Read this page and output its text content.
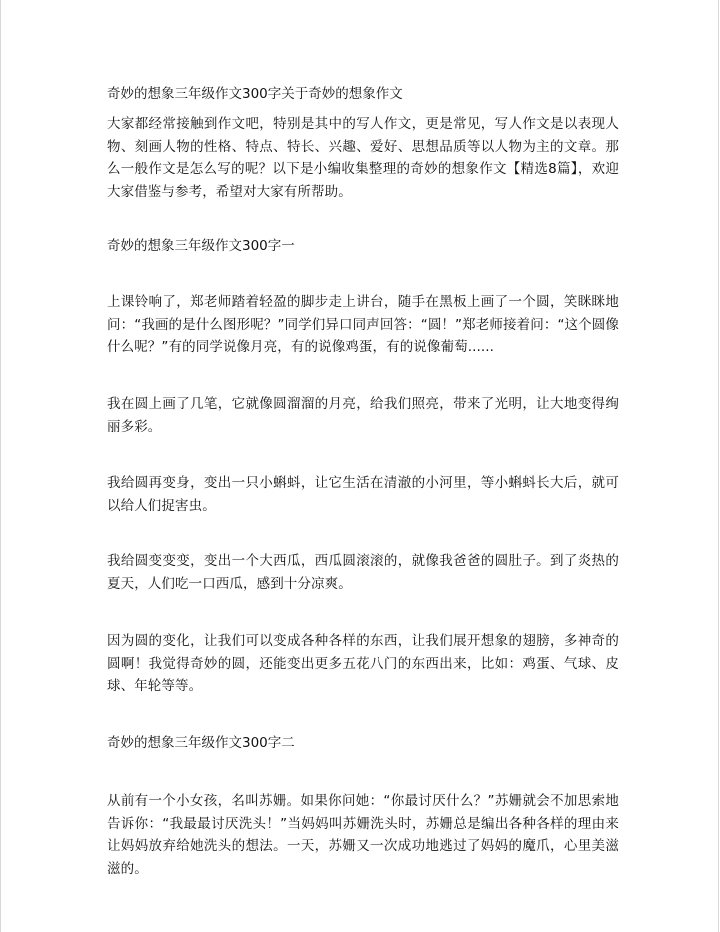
奇妙的想象三年级作文300字关于奇妙的想象作文
大家都经常接触到作文吧，特别是其中的写人作文，更是常见，写人作文是以表现人物、刻画人物的性格、特点、特长、兴趣、爱好、思想品质等以人物为主的文章。那么一般作文是怎么写的呢？以下是小编收集整理的奇妙的想象作文【精选8篇】，欢迎大家借鉴与参考，希望对大家有所帮助。
奇妙的想象三年级作文300字一
上课铃响了，郑老师踏着轻盈的脚步走上讲台，随手在黑板上画了一个圆，笑眯眯地问：“我画的是什么图形呢？”同学们异口同声回答：“圆！”郑老师接着问：“这个圆像什么呢？”有的同学说像月亮，有的说像鸡蛋，有的说像葡萄......
我在圆上画了几笔，它就像圆溜溜的月亮，给我们照亮，带来了光明，让大地变得绚丽多彩。
我给圆再变身，变出一只小蝌蚪，让它生活在清澈的小河里，等小蝌蚪长大后，就可以给人们捉害虫。
我给圆变变变，变出一个大西瓜，西瓜圆滚滚的，就像我爸爸的圆肚子。到了炎热的夏天，人们吃一口西瓜，感到十分凉爽。
因为圆的变化，让我们可以变成各种各样的东西，让我们展开想象的翅膀，多神奇的圆啊！我觉得奇妙的圆，还能变出更多五花八门的东西出来，比如：鸡蛋、气球、皮球、年轮等等。
奇妙的想象三年级作文300字二
从前有一个小女孩，名叫苏姗。如果你问她：“你最讨厌什么？”苏姗就会不加思索地告诉你：“我最最讨厌洗头！”当妈妈叫苏姗洗头时，苏姗总是编出各种各样的理由来让妈妈放弃给她洗头的想法。一天，苏姗又一次成功地逃过了妈妈的魔爪，心里美滋滋的。
